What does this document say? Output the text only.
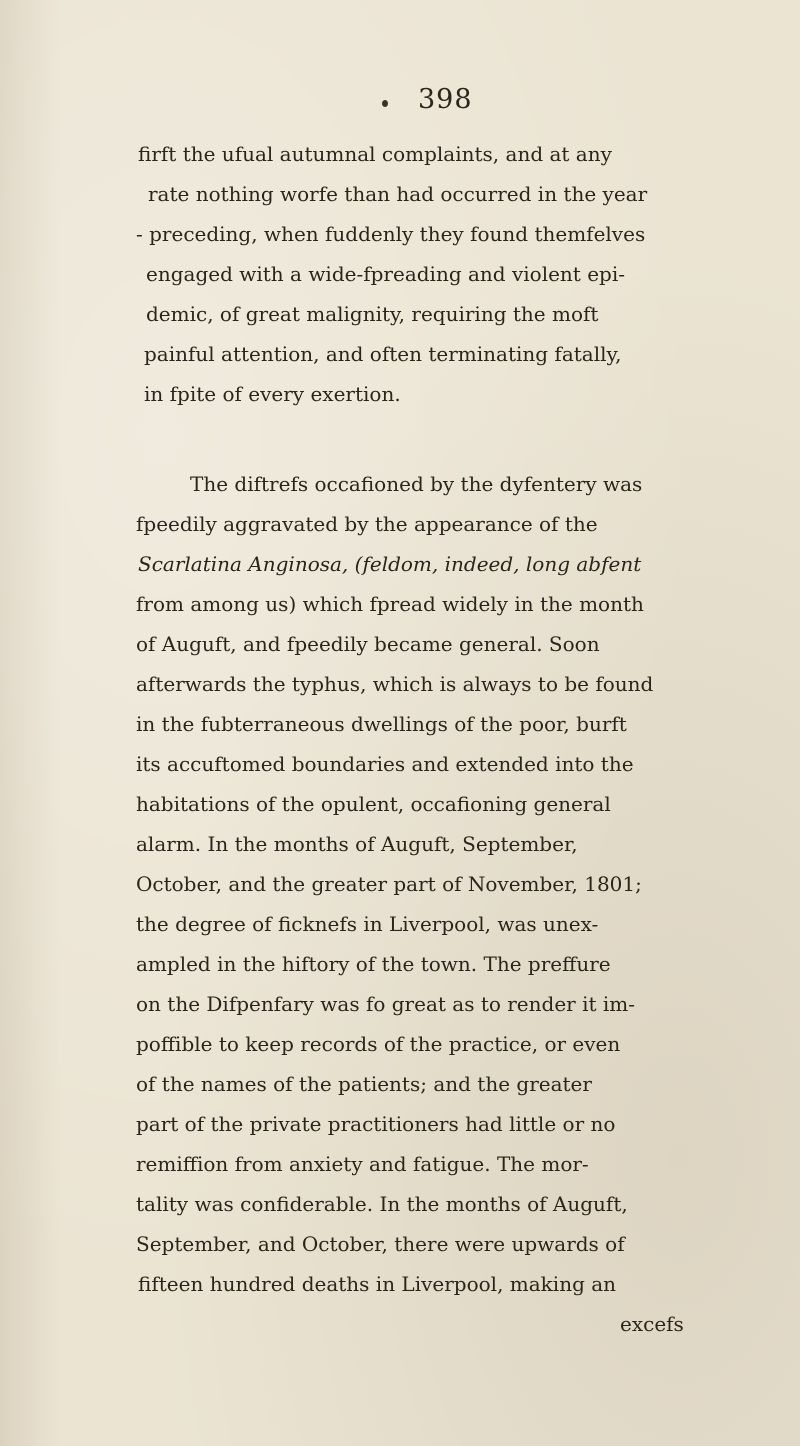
398
firft the ufual autumnal complaints, and at any
rate nothing worfe than had occurred in the year
- preceding, when fuddenly they found themfelves
engaged with a wide-fpreading and violent epi-
demic, of great malignity, requiring the moft
painful attention, and often terminating fatally,
in fpite of every exertion.
The diftrefs occafioned by the dyfentery was
fpeedily aggravated by the appearance of the
Scarlatina Anginosa, (feldom, indeed, long abfent
from among us) which fpread widely in the month
of Auguft, and fpeedily became general. Soon
afterwards the typhus, which is always to be found
in the fubterraneous dwellings of the poor, burft
its accuftomed boundaries and extended into the
habitations of the opulent, occafioning general
alarm. In the months of Auguft, September,
October, and the greater part of November, 1801;
the degree of ficknefs in Liverpool, was unex-
ampled in the hiftory of the town. The preffure
on the Difpenfary was fo great as to render it im-
poffible to keep records of the practice, or even
of the names of the patients; and the greater
part of the private practitioners had little or no
remiffion from anxiety and fatigue. The mor-
tality was confiderable. In the months of Auguft,
September, and October, there were upwards of
fifteen hundred deaths in Liverpool, making an
excefs
